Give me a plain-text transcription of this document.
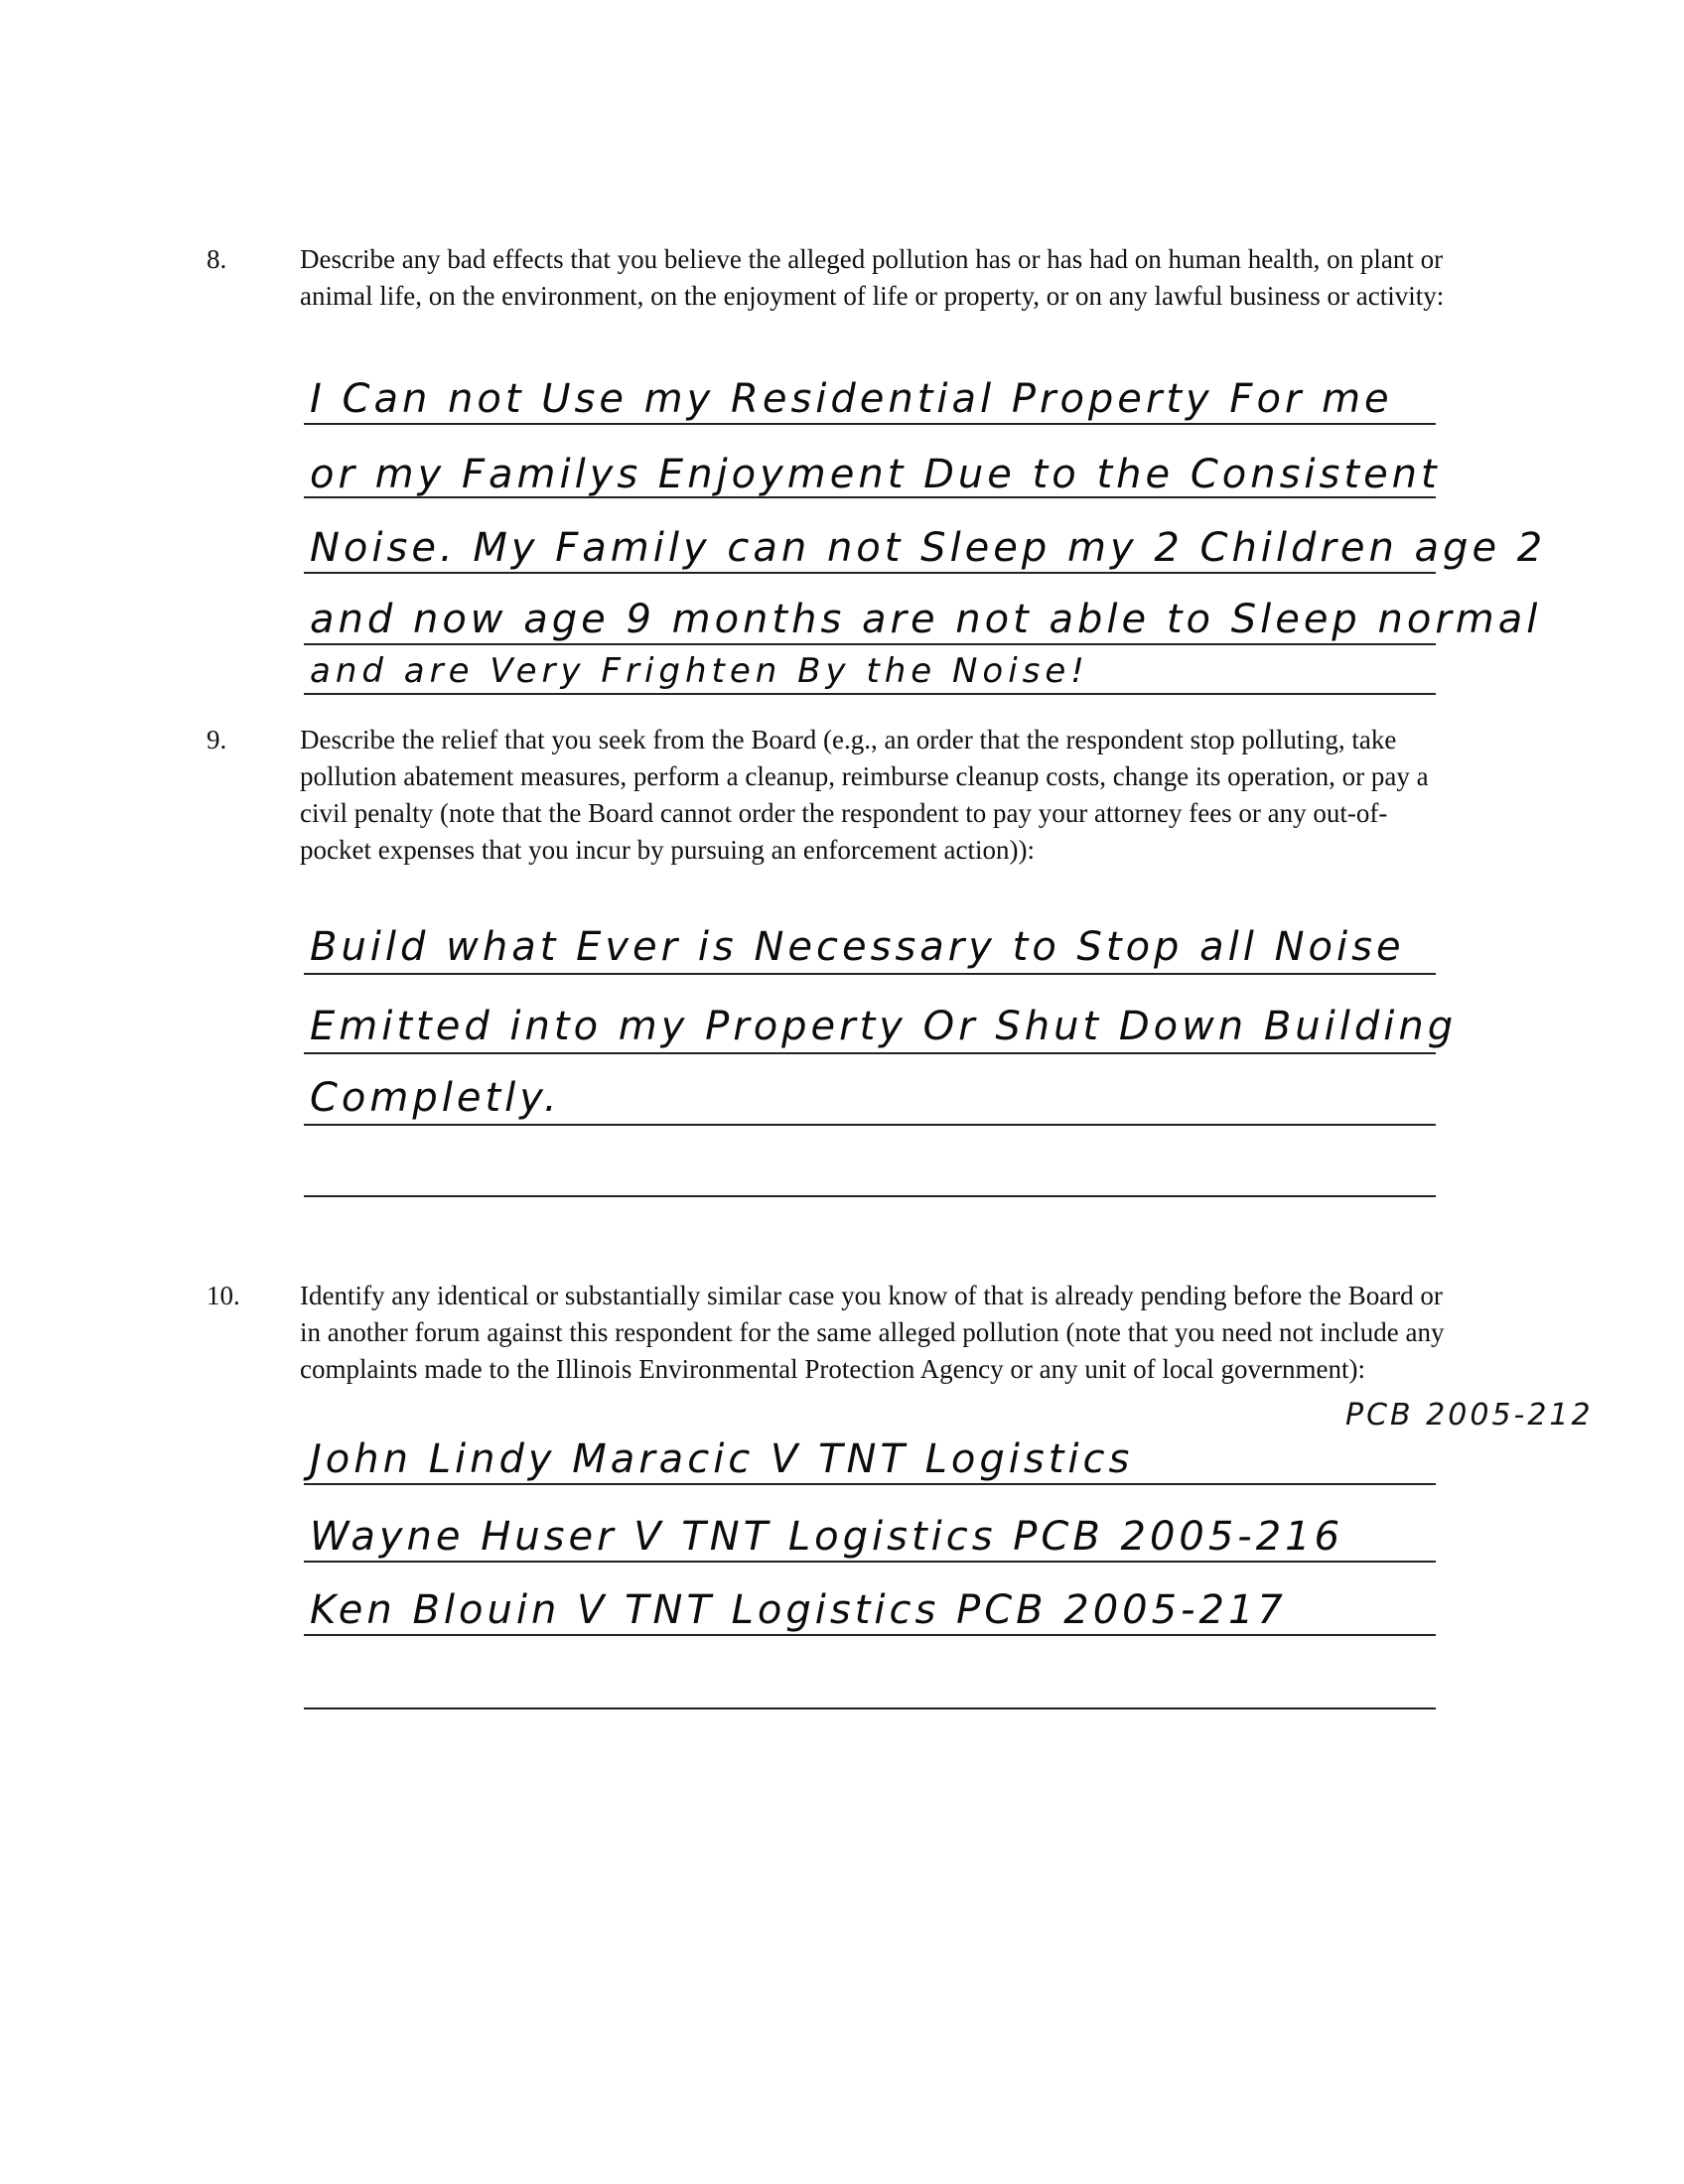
8.	Describe any bad effects that you believe the alleged pollution has or has had on human health, on plant or animal life, on the environment, on the enjoyment of life or property, or on any lawful business or activity:

I Can not Use my Residential Property For me
or my Familys Enjoyment Due to the Consistent
Noise. My Family can not Sleep my 2 Children age 2
and now age 9 months are not able to Sleep normal
and are Very Frighten By the Noise!
9.	Describe the relief that you seek from the Board (e.g., an order that the respondent stop polluting, take pollution abatement measures, perform a cleanup, reimburse cleanup costs, change its operation, or pay a civil penalty (note that the Board cannot order the respondent to pay your attorney fees or any out-of-pocket expenses that you incur by pursuing an enforcement action)):

Build what Ever is Necessary to Stop all Noise
Emitted into my Property Or Shut Down Building
Completly.
10. Identify any identical or substantially similar case you know of that is already pending before the Board or in another forum against this respondent for the same alleged pollution (note that you need not include any complaints made to the Illinois Environmental Protection Agency or any unit of local government):

PCB 2005-212
John Lindy Maracic V TNT Logistics
Wayne Huser V TNT Logistics PCB 2005-216
Ken Blouin V TNT Logistics PCB 2005-217
